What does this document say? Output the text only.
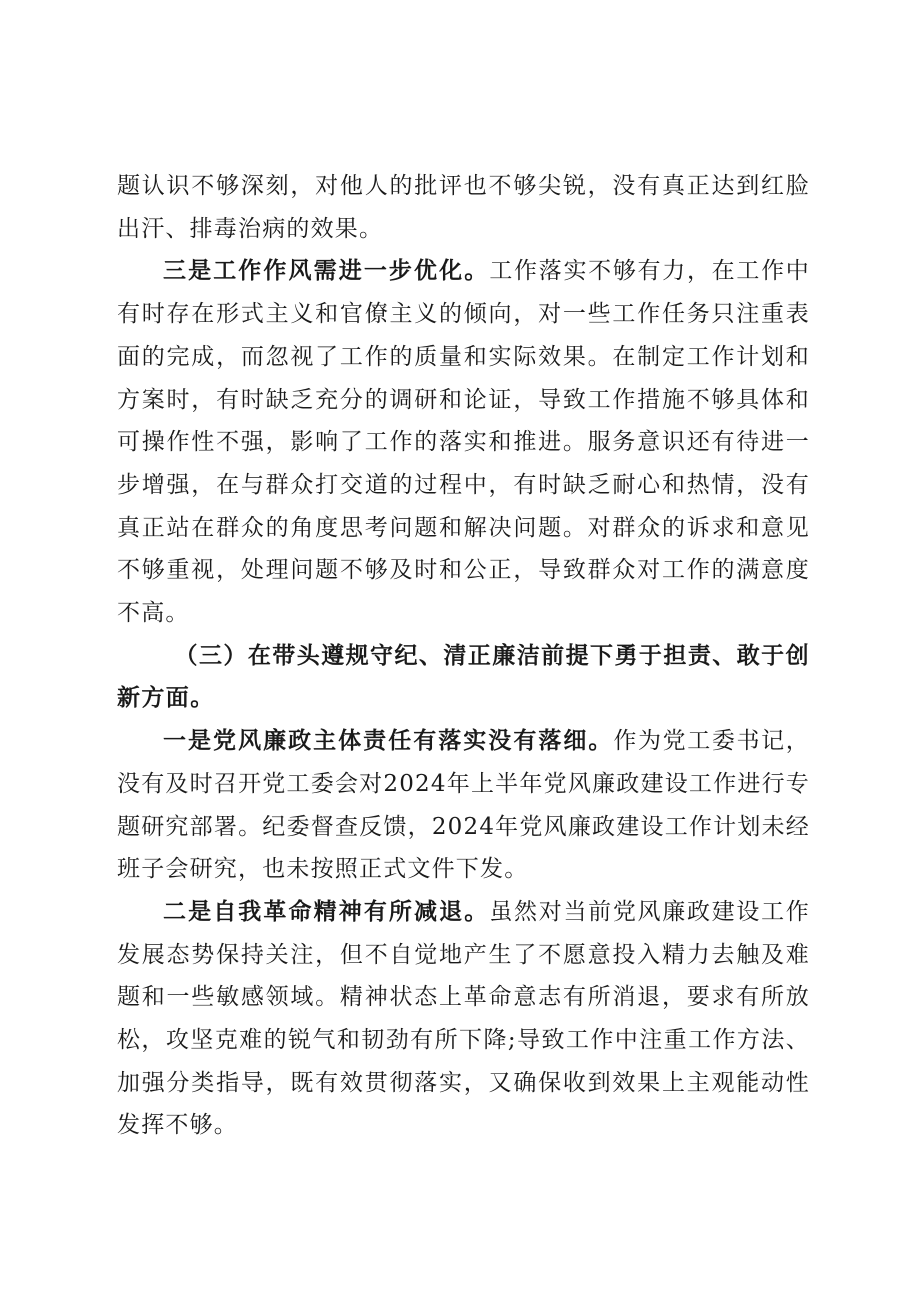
题认识不够深刻，对他人的批评也不够尖锐，没有真正达到红脸出汗、排毒治病的效果。

三是工作作风需进一步优化。工作落实不够有力，在工作中有时存在形式主义和官僚主义的倾向，对一些工作任务只注重表面的完成，而忽视了工作的质量和实际效果。在制定工作计划和方案时，有时缺乏充分的调研和论证，导致工作措施不够具体和可操作性不强，影响了工作的落实和推进。服务意识还有待进一步增强，在与群众打交道的过程中，有时缺乏耐心和热情，没有真正站在群众的角度思考问题和解决问题。对群众的诉求和意见不够重视，处理问题不够及时和公正，导致群众对工作的满意度不高。

（三）在带头遵规守纪、清正廉洁前提下勇于担责、敢于创新方面。

一是党风廉政主体责任有落实没有落细。作为党工委书记，没有及时召开党工委会对2024年上半年党风廉政建设工作进行专题研究部署。纪委督查反馈，2024年党风廉政建设工作计划未经班子会研究，也未按照正式文件下发。

二是自我革命精神有所减退。虽然对当前党风廉政建设工作发展态势保持关注，但不自觉地产生了不愿意投入精力去触及难题和一些敏感领域。精神状态上革命意志有所消退，要求有所放松，攻坚克难的锐气和韧劲有所下降;导致工作中注重工作方法、加强分类指导，既有效贯彻落实，又确保收到效果上主观能动性发挥不够。
